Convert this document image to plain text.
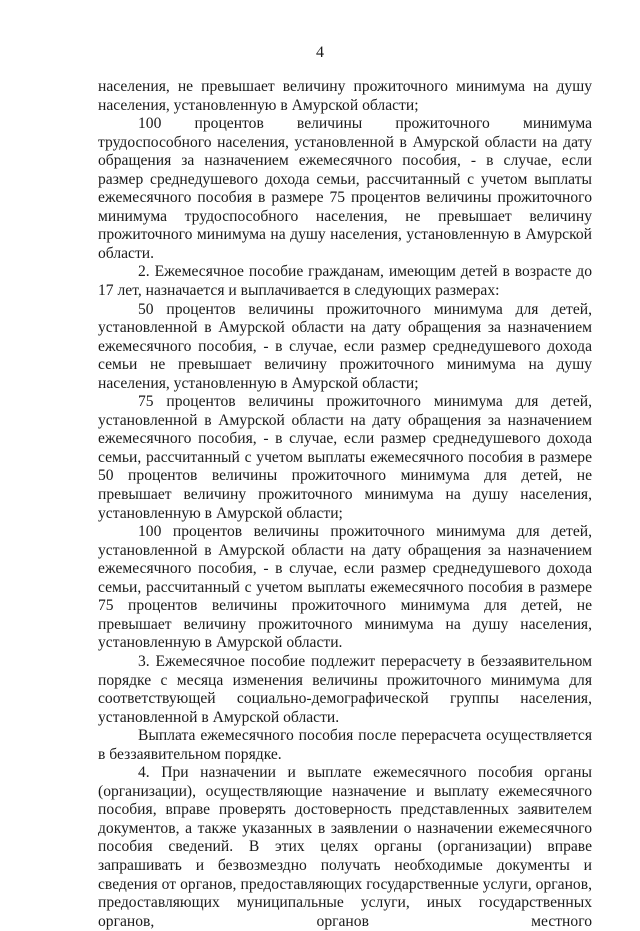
4

населения, не превышает величину прожиточного минимума на душу населения, установленную в Амурской области;

100 процентов величины прожиточного минимума трудоспособного населения, установленной в Амурской области на дату обращения за назначением ежемесячного пособия, - в случае, если размер среднедушевого дохода семьи, рассчитанный с учетом выплаты ежемесячного пособия в размере 75 процентов величины прожиточного минимума трудоспособного населения, не превышает величину прожиточного минимума на душу населения, установленную в Амурской области.

2. Ежемесячное пособие гражданам, имеющим детей в возрасте до 17 лет, назначается и выплачивается в следующих размерах:

50 процентов величины прожиточного минимума для детей, установленной в Амурской области на дату обращения за назначением ежемесячного пособия, - в случае, если размер среднедушевого дохода семьи не превышает величину прожиточного минимума на душу населения, установленную в Амурской области;

75 процентов величины прожиточного минимума для детей, установленной в Амурской области на дату обращения за назначением ежемесячного пособия, - в случае, если размер среднедушевого дохода семьи, рассчитанный с учетом выплаты ежемесячного пособия в размере 50 процентов величины прожиточного минимума для детей, не превышает величину прожиточного минимума на душу населения, установленную в Амурской области;

100 процентов величины прожиточного минимума для детей, установленной в Амурской области на дату обращения за назначением ежемесячного пособия, - в случае, если размер среднедушевого дохода семьи, рассчитанный с учетом выплаты ежемесячного пособия в размере 75 процентов величины прожиточного минимума для детей, не превышает величину прожиточного минимума на душу населения, установленную в Амурской области.

3. Ежемесячное пособие подлежит перерасчету в беззаявительном порядке с месяца изменения величины прожиточного минимума для соответствующей социально-демографической группы населения, установленной в Амурской области.

Выплата ежемесячного пособия после перерасчета осуществляется в беззаявительном порядке.

4. При назначении и выплате ежемесячного пособия органы (организации), осуществляющие назначение и выплату ежемесячного пособия, вправе проверять достоверность представленных заявителем документов, а также указанных в заявлении о назначении ежемесячного пособия сведений. В этих целях органы (организации) вправе запрашивать и безвозмездно получать необходимые документы и сведения от органов, предоставляющих государственные услуги, органов, предоставляющих муниципальные услуги, иных государственных органов, органов местного
